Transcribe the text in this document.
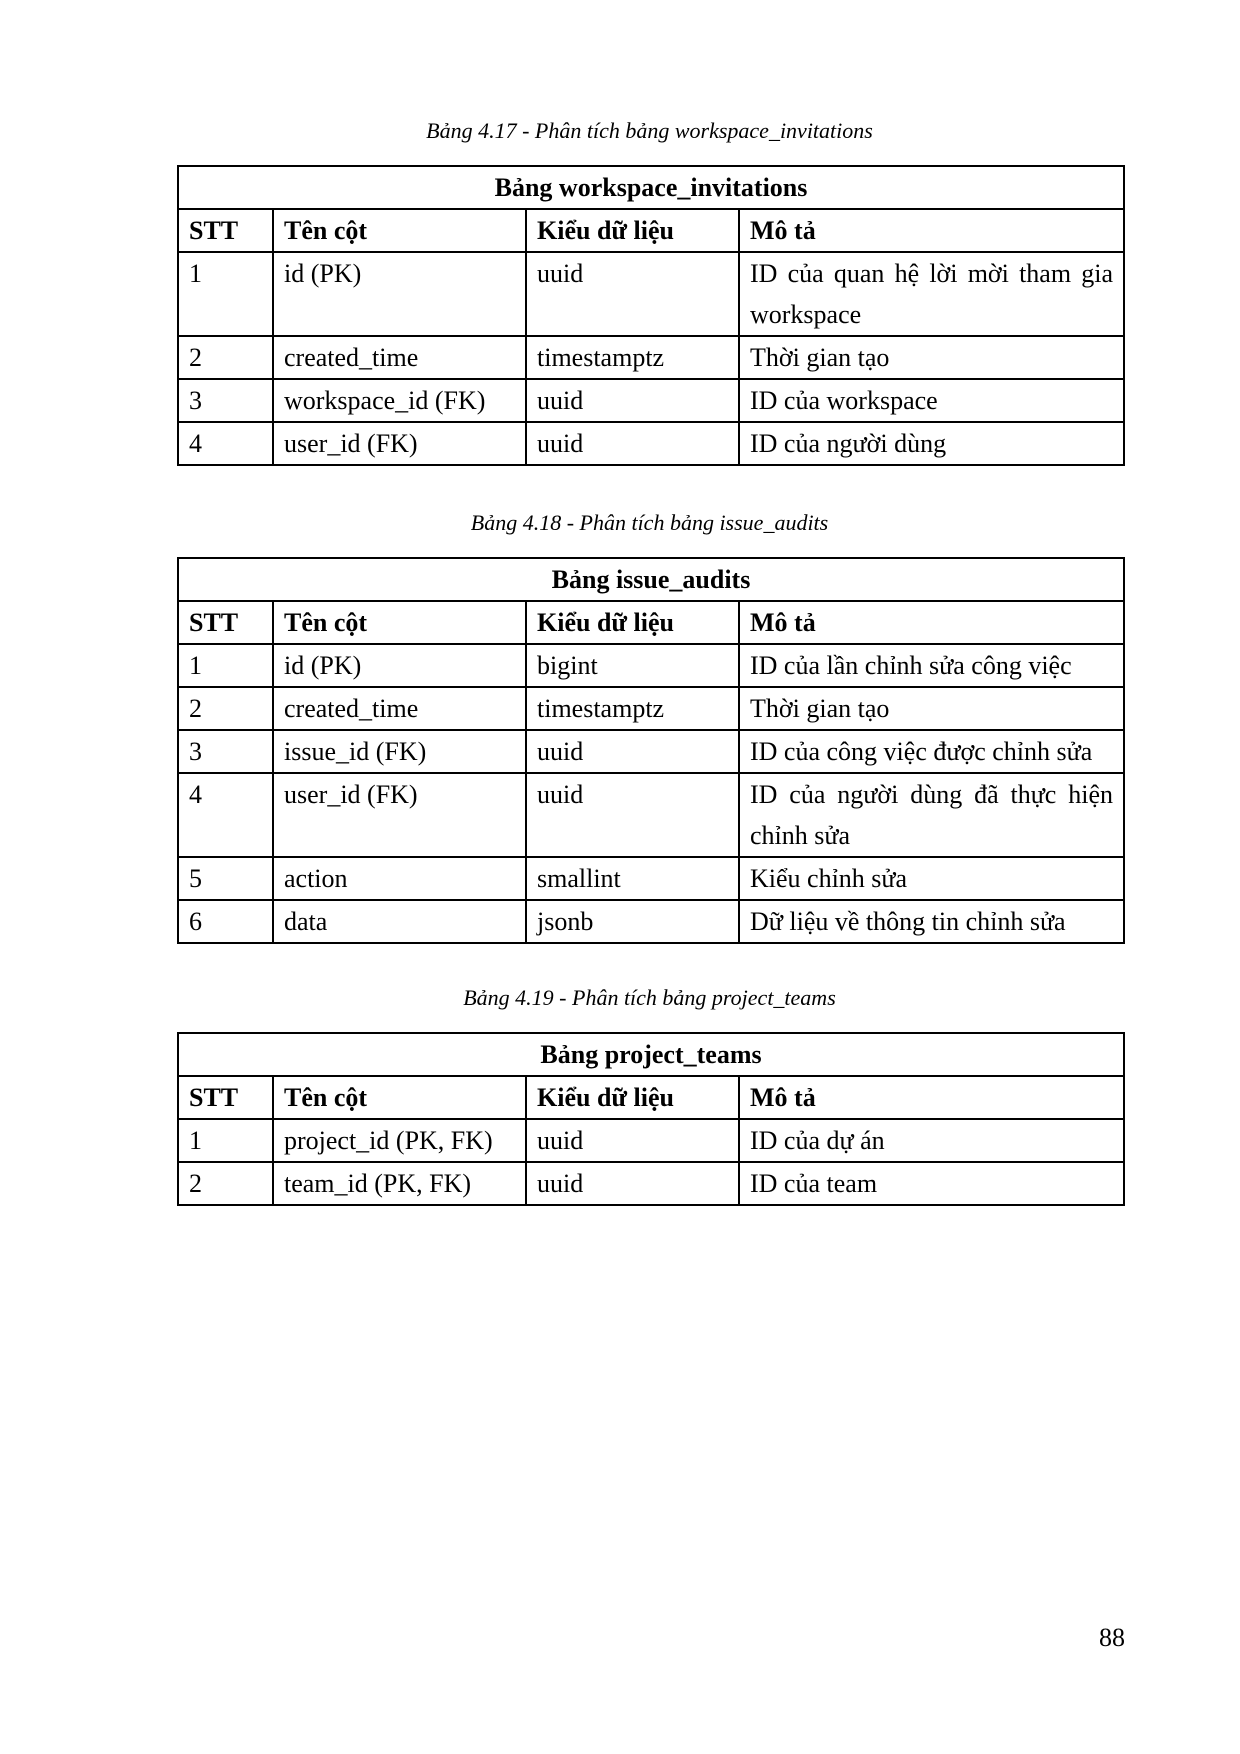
Bảng 4.17 - Phân tích bảng workspace_invitations
Bảng workspace_invitations			
STT	Tên cột	Kiểu dữ liệu	Mô tả
1	id (PK)	uuid	ID của quan hệ lời mời tham gia workspace
2	created_time	timestamptz	Thời gian tạo
3	workspace_id (FK)	uuid	ID của workspace
4	user_id (FK)	uuid	ID của người dùng
Bảng 4.18 - Phân tích bảng issue_audits
Bảng issue_audits			
STT	Tên cột	Kiểu dữ liệu	Mô tả
1	id (PK)	bigint	ID của lần chỉnh sửa công việc
2	created_time	timestamptz	Thời gian tạo
3	issue_id (FK)	uuid	ID của công việc được chỉnh sửa
4	user_id (FK)	uuid	ID của người dùng đã thực hiện chỉnh sửa
5	action	smallint	Kiểu chỉnh sửa
6	data	jsonb	Dữ liệu về thông tin chỉnh sửa
Bảng 4.19 - Phân tích bảng project_teams
Bảng project_teams			
STT	Tên cột	Kiểu dữ liệu	Mô tả
1	project_id (PK, FK)	uuid	ID của dự án
2	team_id (PK, FK)	uuid	ID của team
88
